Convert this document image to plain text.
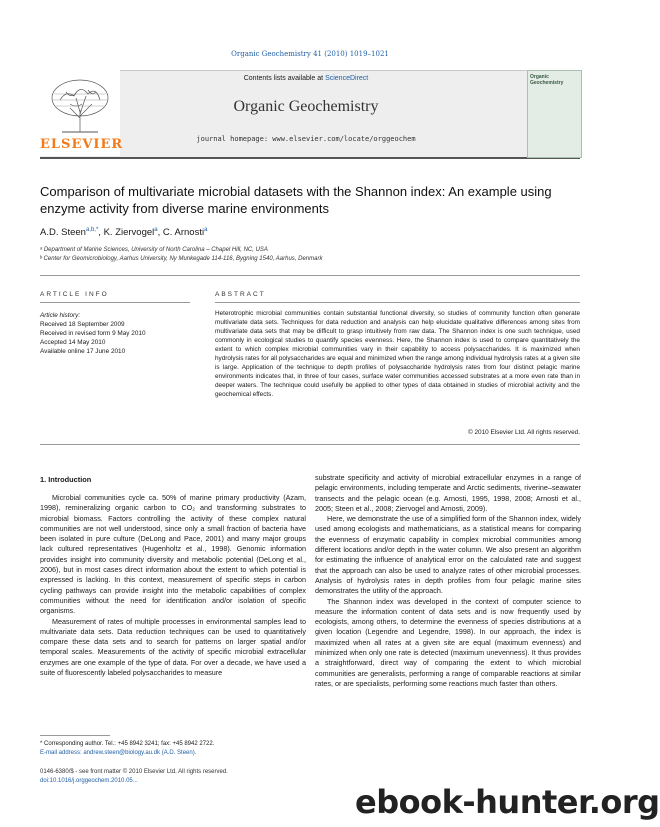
Organic Geochemistry 41 (2010) 1019–1021
ELSEVIER
Contents lists available at ScienceDirect
Organic Geochemistry
journal homepage: www.elsevier.com/locate/orggeochem
Organic Geochemistry
Comparison of multivariate microbial datasets with the Shannon index: An example using enzyme activity from diverse marine environments
A.D. Steen$^{a,b,*}$, K. Ziervogel$^a$, C. Arnosti$^a$
ᵃ Department of Marine Sciences, University of North Carolina – Chapel Hill, NC, USA
ᵇ Center for Geomicrobiology, Aarhus University, Ny Munkegade 114-116, Bygning 1540, Aarhus, Denmark
ARTICLE INFO
Article history:
Received 18 September 2009
Received in revised form 9 May 2010
Accepted 14 May 2010
Available online 17 June 2010
ABSTRACT
Heterotrophic microbial communities contain substantial functional diversity, so studies of community function often generate multivariate data sets. Techniques for data reduction and analysis can help elucidate qualitative differences among sites from multivariate data sets that may be difficult to grasp intuitively from raw data. The Shannon index is one such technique, used commonly in ecological studies to quantify species evenness. Here, the Shannon index is used to compare quantitatively the extent to which complex microbial communities vary in their capability to access polysaccharides. It is maximized when hydrolysis rates for all polysaccharides are equal and minimized when the range among individual hydrolysis rates at a given site is large. Application of the technique to depth profiles of polysaccharide hydrolysis rates from four distinct pelagic marine environments indicates that, in three of four cases, surface water communities accessed substrates at a more even rate than in deeper waters. The technique could usefully be applied to other types of data obtained in studies of microbial activity and the geochemical effects.
© 2010 Elsevier Ltd. All rights reserved.
1. Introduction

Microbial communities cycle ca. 50% of marine primary productivity (Azam, 1998), remineralizing organic carbon to CO₂ and transforming substrates to microbial biomass. Factors controlling the activity of these complex natural communities are not well understood, since only a small fraction of bacteria have been isolated in pure culture (DeLong and Pace, 2001) and many major groups lack cultured representatives (Hugenholtz et al., 1998). Genomic information provides insight into community diversity and metabolic potential (DeLong et al., 2006), but in most cases direct information about the extent to which potential is expressed is lacking. In this context, measurement of specific steps in carbon cycling pathways can provide insight into the metabolic capabilities of complex communities without the need for identification and/or isolation of specific organisms.

Measurement of rates of multiple processes in environmental samples lead to multivariate data sets. Data reduction techniques can be used to quantitatively compare these data sets and to search for patterns on larger spatial and/or temporal scales. Measurements of the activity of specific microbial extracellular enzymes are one example of the type of data. For over a decade, we have used a suite of fluorescently labeled polysaccharides to measure

substrate specificity and activity of microbial extracellular enzymes in a range of pelagic environments, including temperate and Arctic sediments, riverine–seawater transects and the pelagic ocean (e.g. Arnosti, 1995, 1998, 2008; Arnosti et al., 2005; Steen et al., 2008; Ziervogel and Arnosti, 2009).

Here, we demonstrate the use of a simplified form of the Shannon index, widely used among ecologists and mathematicians, as a statistical means for comparing the evenness of enzymatic capability in complex microbial communities among different locations and/or depth in the water column. We also present an algorithm for estimating the influence of analytical error on the calculated rate and suggest that the approach can also be used to analyze rates of other microbial processes. Analysis of hydrolysis rates in depth profiles from four pelagic marine sites demonstrates the utility of the approach.

The Shannon index was developed in the context of computer science to measure the information content of data sets and is now frequently used by ecologists, among others, to determine the evenness of species distributions at a given location (Legendre and Legendre, 1998). In our approach, the index is maximized when all rates at a given site are equal (maximum evenness) and minimized when only one rate is detected (maximum unevenness). It thus provides a straightforward, direct way of comparing the extent to which microbial communities are generalists, performing a range of comparable reactions at similar rates, or are specialists, performing some reactions much faster than others.

* Corresponding author. Tel.: +45 8942 3241; fax: +45 8942 2722.
E-mail address: andrew.steen@biology.au.dk (A.D. Steen).
0146-6380/$ - see front matter © 2010 Elsevier Ltd. All rights reserved.
doi:10.1016/j.orggeochem.2010.05...
ebook-hunter.org
